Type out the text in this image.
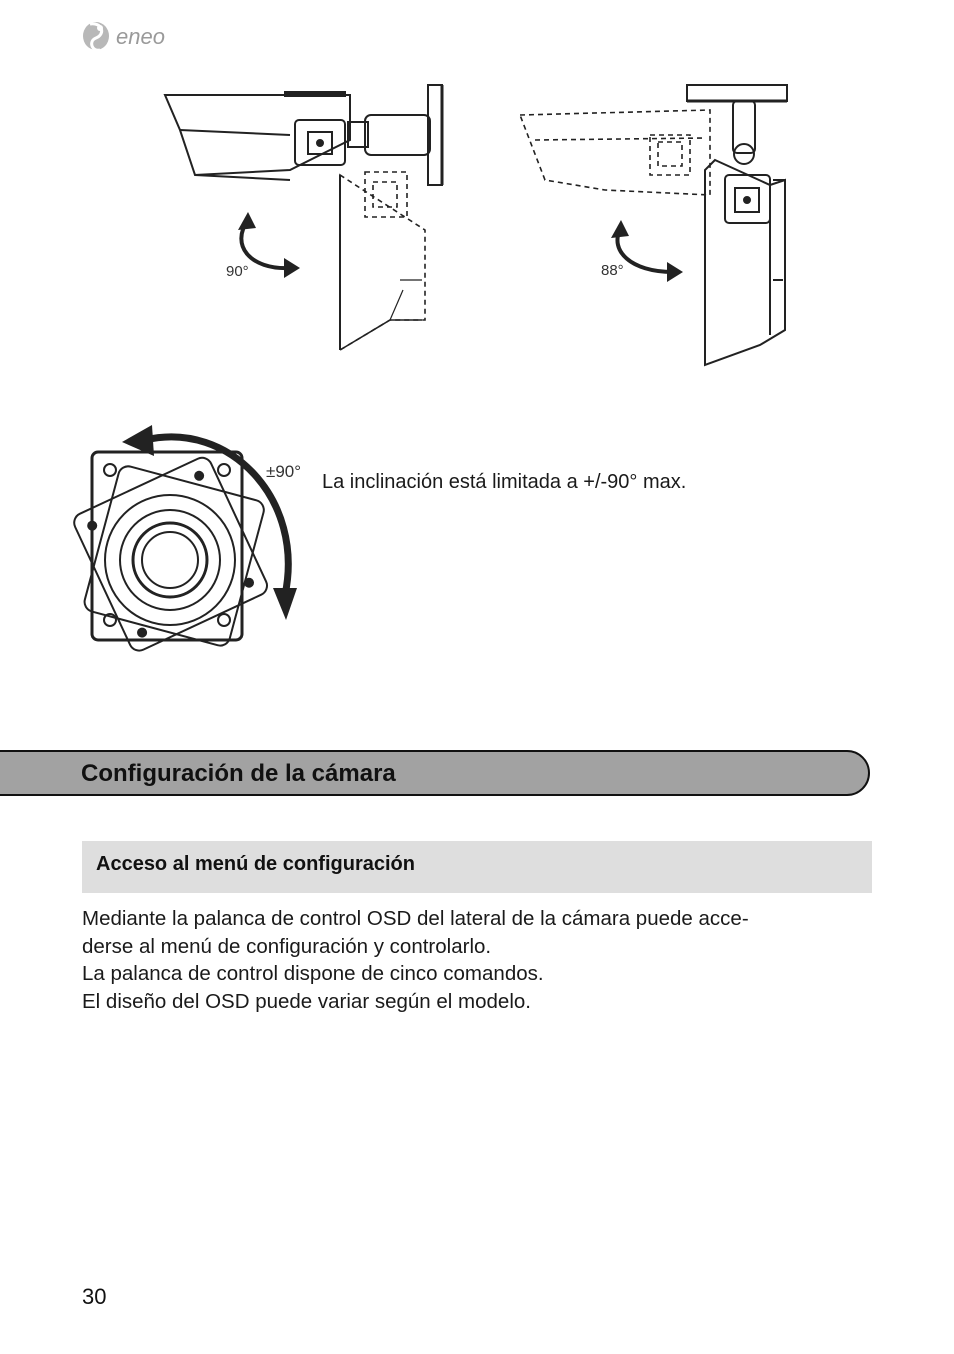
eneo
90°	88°
±90° La inclinación está limitada a +/-90° max.
Configuración de la cámara
Acceso al menú de configuración

Mediante la palanca de control OSD del lateral de la cámara puede acce-

derse al menú de configuración y controlarlo.

La palanca de control dispone de cinco comandos.

El diseño del OSD puede variar según el modelo.

30
